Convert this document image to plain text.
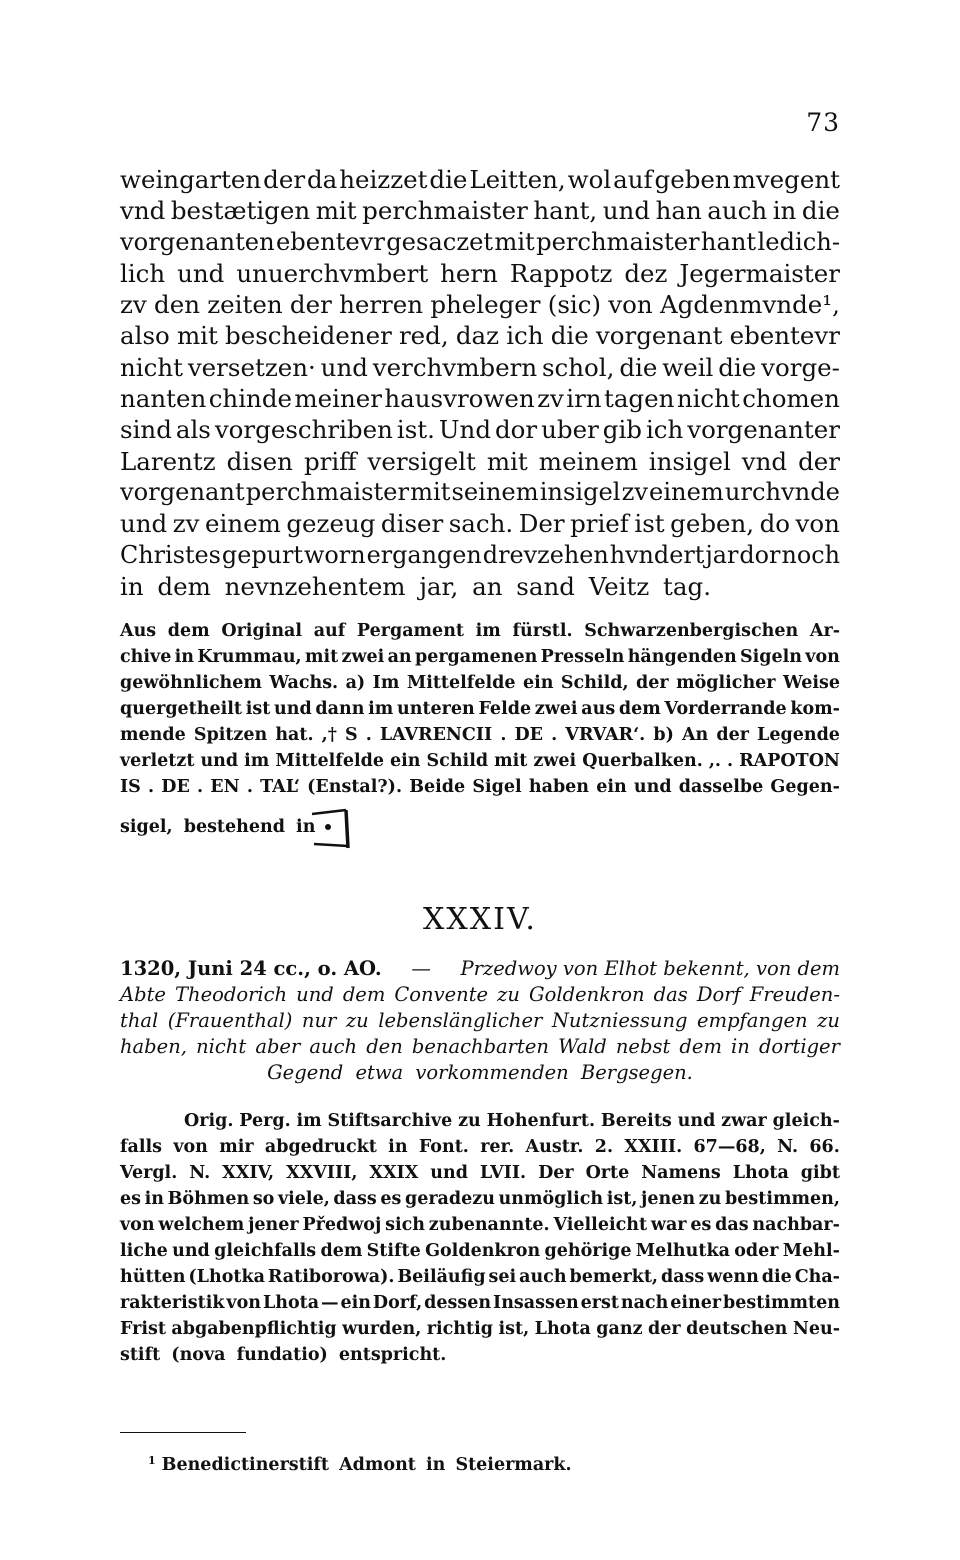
73
weingarten der da heizzet die Leitten, wol auf geben mvegent
vnd bestætigen mit perchmaister hant, und han auch in die
vorgenanten ebentevr gesaczet mit perchmaister hant ledich-
lich und unuerchvmbert hern Rappotz dez Jegermaister
zv den zeiten der herren pheleger (sic) von Agdenmvnde¹,
also mit bescheidener red, daz ich die vorgenant ebentevr
nicht versetzen· und verchvmbern schol, die weil die vorge-
nanten chinde meiner hausvrowen zv irn tagen nicht chomen
sind als vorgeschriben ist. Und dor uber gib ich vorgenanter
Larentz disen priff versigelt mit meinem insigel vnd der
vorgenant perchmaister mit seinem insigel zv einem urchvnde
und zv einem gezeug diser sach. Der prief ist geben, do von
Christes gepurt worn ergangen drevzehen hvndert jar dor noch
in dem nevnzehentem jar, an sand Veitz tag.
Aus dem Original auf Pergament im fürstl. Schwarzenbergischen Ar-
chive in Krummau, mit zwei an pergamenen Presseln hängenden Sigeln von
gewöhnlichem Wachs. a) Im Mittelfelde ein Schild, der möglicher Weise
quergetheilt ist und dann im unteren Felde zwei aus dem Vorderrande kom-
mende Spitzen hat. ,† S . LAVRENCII . DE . VRVAR‘. b) An der Legende
verletzt und im Mittelfelde ein Schild mit zwei Querbalken. ,. . RAPOTON
IS . DE . EN . TAL‘ (Enstal?). Beide Sigel haben ein und dasselbe Gegen-
sigel, bestehend in
XXXIV.
1320, Juni 24 cc., o. AO. — Przedwoy von Elhot bekennt, von dem
Abte Theodorich und dem Convente zu Goldenkron das Dorf Freuden-
thal (Frauenthal) nur zu lebenslänglicher Nutzniessung empfangen zu
haben, nicht aber auch den benachbarten Wald nebst dem in dortiger
Gegend etwa vorkommenden Bergsegen.
Orig. Perg. im Stiftsarchive zu Hohenfurt. Bereits und zwar gleich-
falls von mir abgedruckt in Font. rer. Austr. 2. XXIII. 67—68, N. 66.
Vergl. N. XXIV, XXVIII, XXIX und LVII. Der Orte Namens Lhota gibt
es in Böhmen so viele, dass es geradezu unmöglich ist, jenen zu bestimmen,
von welchem jener Předwoj sich zubenannte. Vielleicht war es das nachbar-
liche und gleichfalls dem Stifte Goldenkron gehörige Melhutka oder Mehl-
hütten (Lhotka Ratiborowa). Beiläufig sei auch bemerkt, dass wenn die Cha-
rakteristik von Lhota — ein Dorf, dessen Insassen erst nach einer bestimmten
Frist abgabenpflichtig wurden, richtig ist, Lhota ganz der deutschen Neu-
stift (nova fundatio) entspricht.
$^1$ Benedictinerstift Admont in Steiermark.
